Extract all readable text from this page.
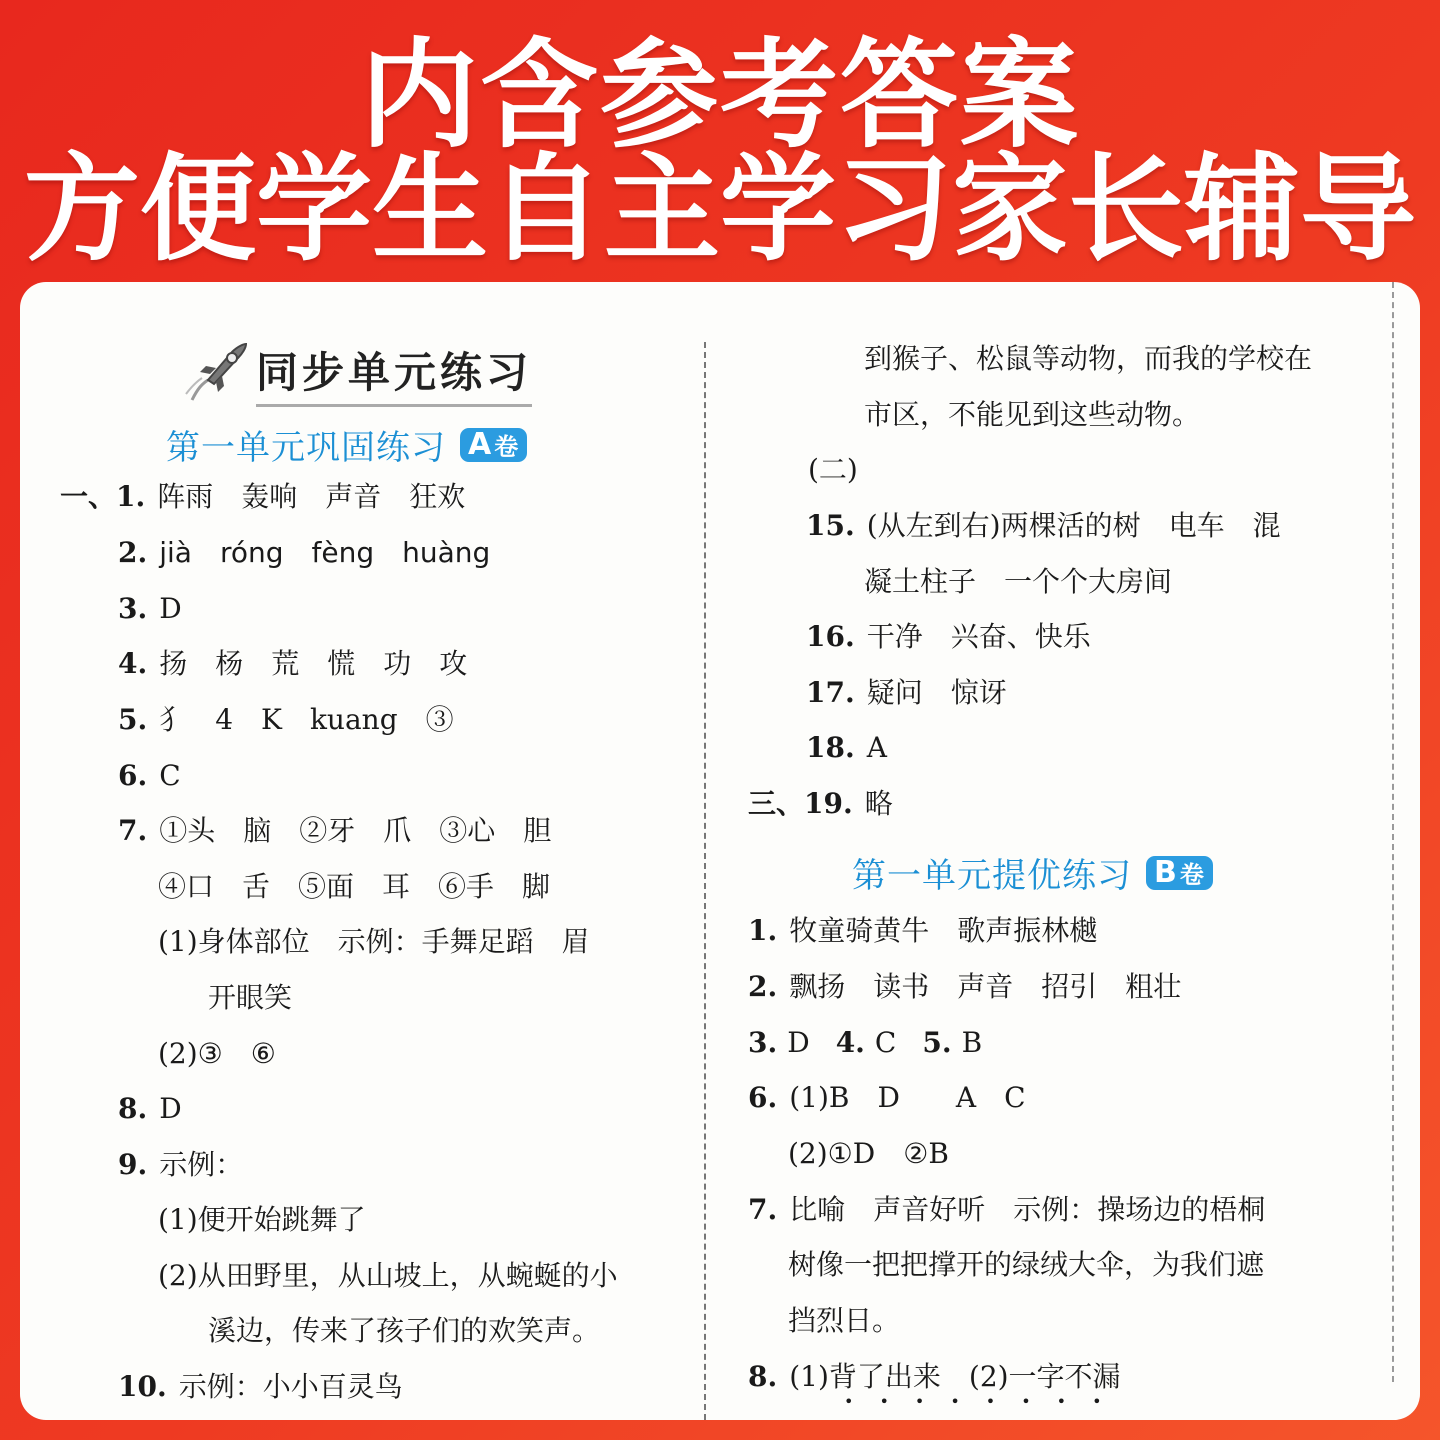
内含参考答案
方便学生自主学习家长辅导
同步单元练习
第一单元巩固练习 A 卷
一、1. 阵雨　轰响　声音　狂欢
2. jià　róng　fèng　huàng
3. D
4. 扬　杨　荒　慌　功　攻
5. 犭　4　K　kuang　③
6. C
7. ①头　脑　②牙　爪　③心　胆
④口　舌　⑤面　耳　⑥手　脚
(1)身体部位　示例：手舞足蹈　眉
开眼笑
(2)③　⑥
8. D
9. 示例：
(1)便开始跳舞了
(2)从田野里，从山坡上，从蜿蜒的小
溪边，传来了孩子们的欢笑声。
10. 示例：小小百灵鸟
到猴子、松鼠等动物，而我的学校在
市区，不能见到这些动物。
(二)
15. (从左到右)两棵活的树　电车　混
凝土柱子　一个个大房间
16. 干净　兴奋、快乐
17. 疑问　惊讶
18. A
三、19. 略
第一单元提优练习 B 卷
1. 牧童骑黄牛　歌声振林樾
2. 飘扬　读书　声音　招引　粗壮
3. D 4. C 5. B
6. (1)B　D　　A　C
(2)①D　②B
7. 比喻　声音好听　示例：操场边的梧桐
树像一把把撑开的绿绒大伞，为我们遮
挡烈日。
8. (1)背了出来　(2)一字不漏
••••••••
